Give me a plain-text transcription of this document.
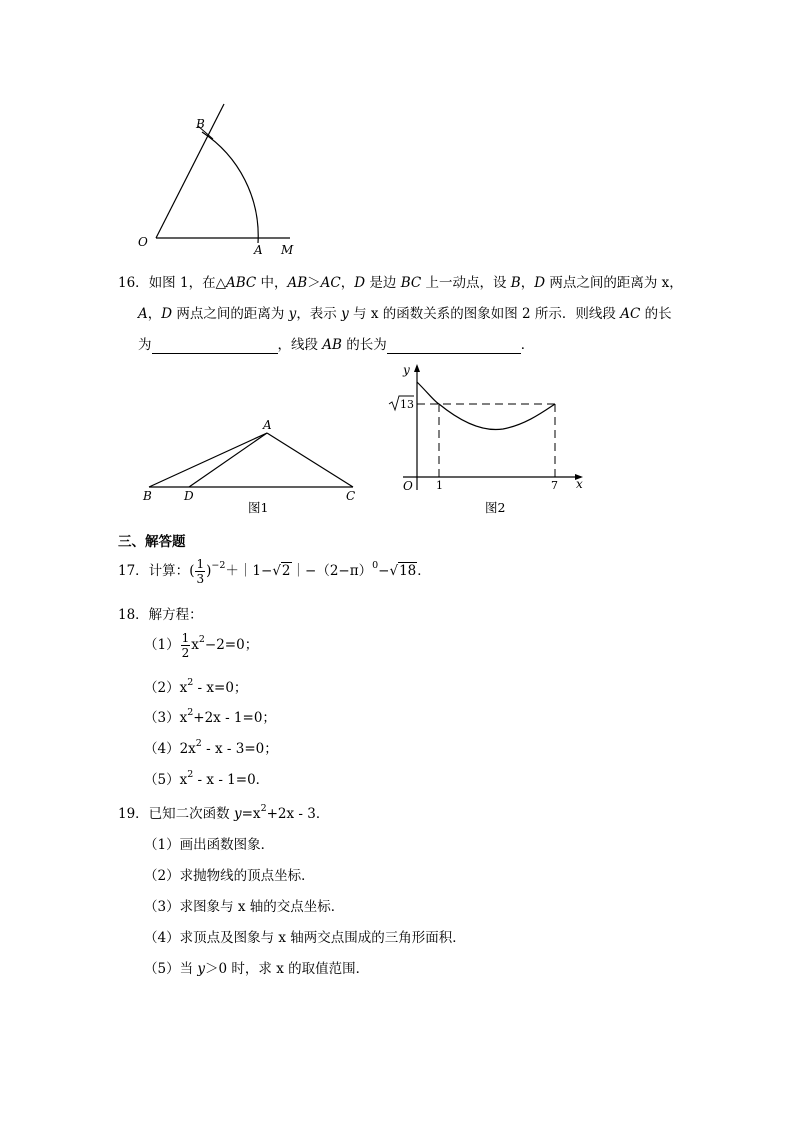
B
O
A M
16．如图 1，在△ABC 中，AB＞AC，D 是边 BC 上一动点，设 B，D 两点之间的距离为 x，
A，D 两点之间的距离为 y，表示 y 与 x 的函数关系的图象如图 2 所示．则线段 AC 的长
为	，线段 AB 的长为	．
A
B	D	C
图1
y
x
O 1	7
13
图2
三、解答题
17．计算：( $\frac{1}{3}$ )$^{-2}+|1-√2|-(2-\pi)^0-√18$．
18．解方程：
$(1) \frac{1}{2} x^2-2=0$；
$(2)x^2 - x=0$；
$(3)x^2+2x - 1=0$；
$(4)2x^2 - x - 3=0$；
$(5)x^2 - x - 1=0$．
19．已知二次函数 $y=x^2+2x - 3$．
（1）画出函数图象．
（2）求抛物线的顶点坐标．
（3）求图象与 x 轴的交点坐标．
（4）求顶点及图象与 x 轴两交点围成的三角形面积．
（5）当 y＞0 时，求 x 的取值范围．
